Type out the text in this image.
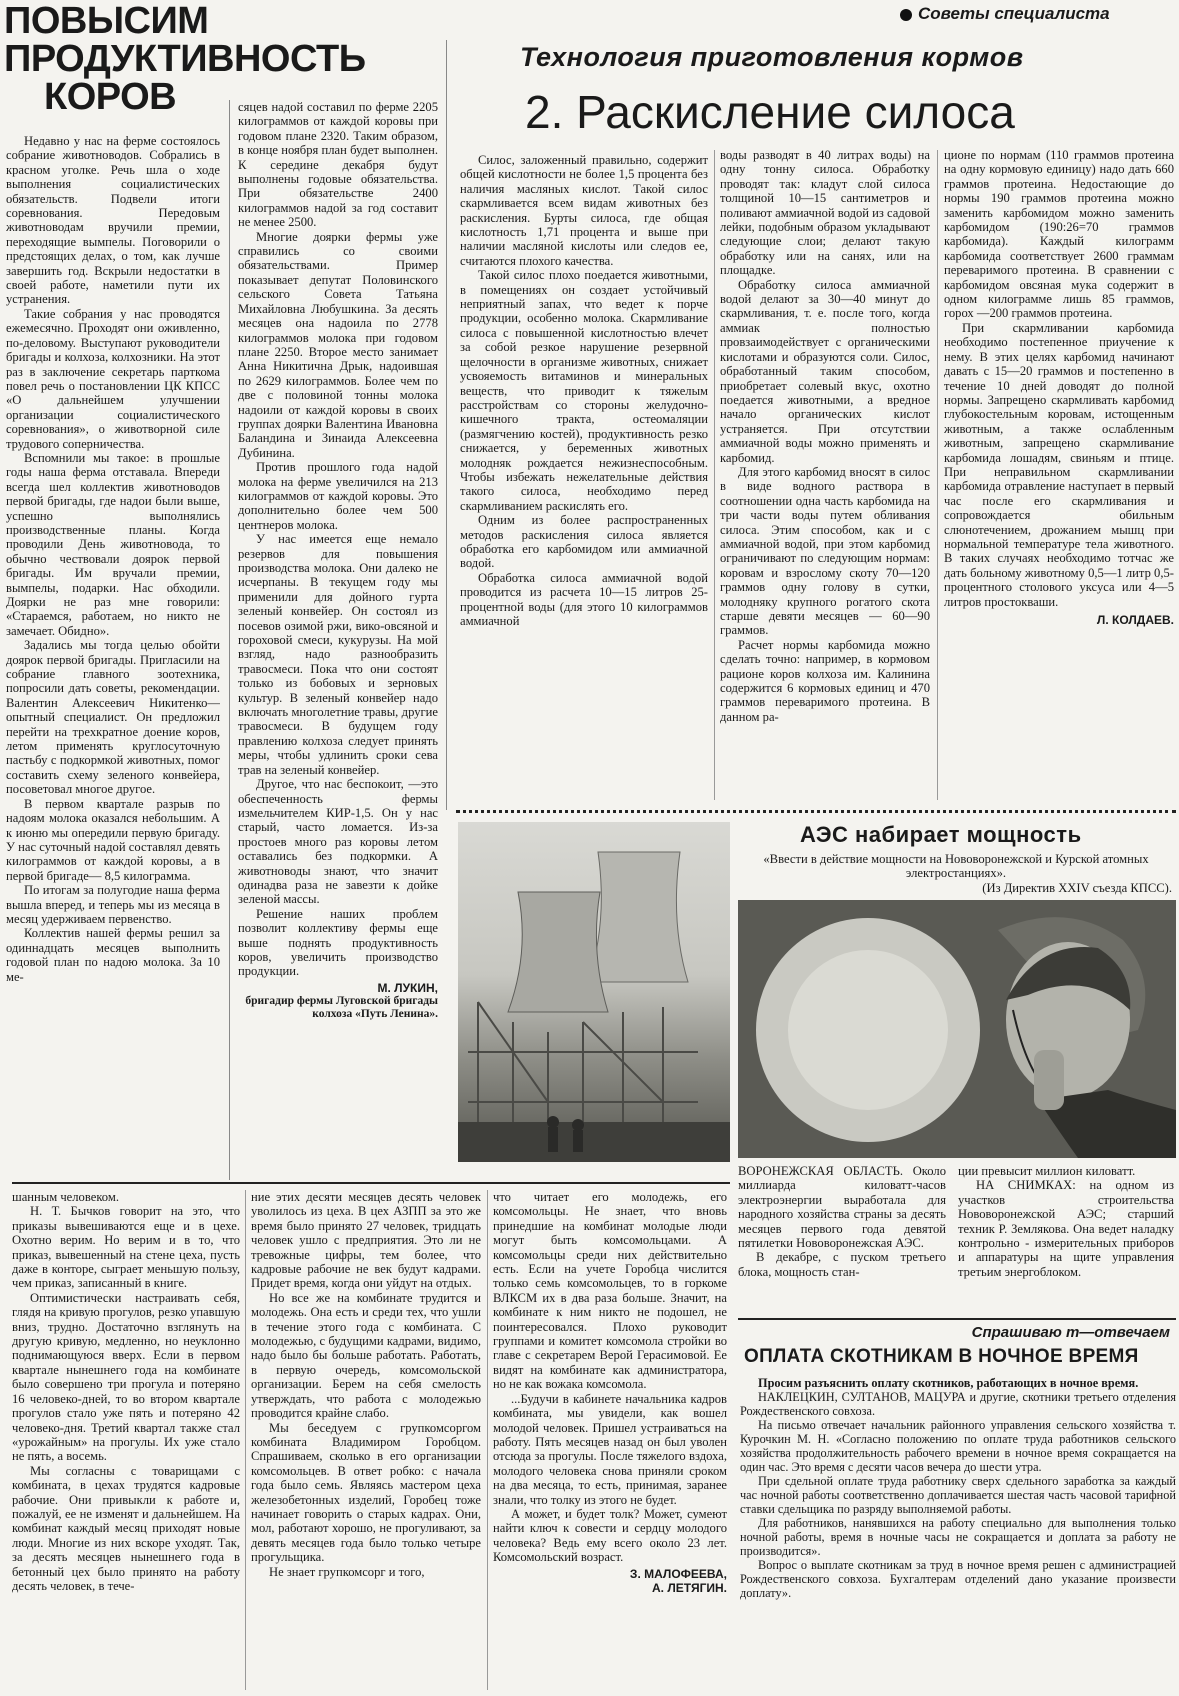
Советы специалиста
ПОВЫСИМ
ПРОДУКТИВНОСТЬ
КОРОВ

Недавно у нас на ферме состоялось собрание животноводов. Собрались в красном уголке. Речь шла о ходе выполнения социалистических обязательств. Подвели итоги соревнования. Передовым животноводам вручили премии, переходящие вымпелы. Поговорили о предстоящих делах, о том, как лучше завершить год. Вскрыли недостатки в своей работе, наметили пути их устранения.

Такие собрания у нас проводятся ежемесячно. Проходят они оживленно, по-деловому. Выступают руководители бригады и колхоза, колхозники. На этот раз в заключение секретарь парткома повел речь о постановлении ЦК КПСС «О дальнейшем улучшении организации социалистического соревнования», о животворной силе трудового соперничества.

Вспомнили мы такое: в прошлые годы наша ферма отставала. Впереди всегда шел коллектив животноводов первой бригады, где надои были выше, успешно выполнялись производственные планы. Когда проводили День животновода, то обычно чествовали доярок первой бригады. Им вручали премии, вымпелы, подарки. Нас обходили. Доярки не раз мне говорили: «Стараемся, работаем, но никто не замечает. Обидно».

Задались мы тогда целью обойти доярок первой бригады. Пригласили на собрание главного зоотехника, попросили дать советы, рекомендации. Валентин Алексеевич Никитенко—опытный специалист. Он предложил перейти на трехкратное доение коров, летом применять круглосуточную пастьбу с подкормкой животных, помог составить схему зеленого конвейера, посоветовал многое другое.

В первом квартале разрыв по надоям молока оказался небольшим. А к июню мы опередили первую бригаду. У нас суточный надой составлял девять килограммов от каждой коровы, а в первой бригаде— 8,5 килограмма.

По итогам за полугодие наша ферма вышла вперед, и теперь мы из месяца в месяц удерживаем первенство.

Коллектив нашей фермы решил за одиннадцать месяцев выполнить годовой план по надою молока. За 10 ме-

сяцев надой составил по ферме 2205 килограммов от каждой коровы при годовом плане 2320. Таким образом, в конце ноября план будет выполнен. К середине декабря будут выполнены годовые обязательства. При обязательстве 2400 килограммов надой за год составит не менее 2500.

Многие доярки фермы уже справились со своими обязательствами. Пример показывает депутат Половинского сельского Совета Татьяна Михайловна Любушкина. За десять месяцев она надоила по 2778 килограммов молока при годовом плане 2250. Второе место занимает Анна Никитична Дрык, надоившая по 2629 килограммов. Более чем по две с половиной тонны молока надоили от каждой коровы в своих группах доярки Валентина Ивановна Баландина и Зинаида Алексеевна Дубинина.

Против прошлого года надой молока на ферме увеличился на 213 килограммов от каждой коровы. Это дополнительно более чем 500 центнеров молока.

У нас имеется еще немало резервов для повышения производства молока. Они далеко не исчерпаны. В текущем году мы применили для дойного гурта зеленый конвейер. Он состоял из посевов озимой ржи, вико-овсяной и гороховой смеси, кукурузы. На мой взгляд, надо разнообразить травосмеси. Пока что они состоят только из бобовых и зерновых культур. В зеленый конвейер надо включать многолетние травы, другие травосмеси. В будущем году правлению колхоза следует принять меры, чтобы удлинить сроки сева трав на зеленый конвейер.

Другое, что нас беспокоит, —это обеспеченность фермы измельчителем КИР-1,5. Он у нас старый, часто ломается. Из-за простоев много раз коровы летом оставались без подкормки. А животноводы знают, что значит одинадва раза не завезти к дойке зеленой массы.

Решение наших проблем позволит коллективу фермы еще выше поднять продуктивность коров, увеличить производство продукции.

М. ЛУКИН,

бригадир фермы Луговской бригады колхоза «Путь Ленина».

Технология приготовления кормов
2. Раскисление силоса

Силос, заложенный правильно, содержит общей кислотности не более 1,5 процента без наличия масляных кислот. Такой силос скармливается всем видам животных без раскисления. Бурты силоса, где общая кислотность 1,71 процента и выше при наличии масляной кислоты или следов ее, считаются плохого качества.

Такой силос плохо поедается животными, в помещениях он создает устойчивый неприятный запах, что ведет к порче продукции, особенно молока. Скармливание силоса с повышенной кислотностью влечет за собой резкое нарушение резервной щелочности в организме животных, снижает усвояемость витаминов и минеральных веществ, что приводит к тяжелым расстройствам со стороны желудочно-кишечного тракта, остеомаляции (размягчению костей), продуктивность резко снижается, у беременных животных молодняк рождается нежизнеспособным. Чтобы избежать нежелательные действия такого силоса, необходимо перед скармливанием раскислять его.

Одним из более распространенных методов раскисления силоса является обработка его карбомидом или аммиачной водой.

Обработка силоса аммиачной водой проводится из расчета 10—15 литров 25-процентной воды (для этого 10 килограммов аммиачной

воды разводят в 40 литрах воды) на одну тонну силоса. Обработку проводят так: кладут слой силоса толщиной 10—15 сантиметров и поливают аммиачной водой из садовой лейки, подобным образом укладывают следующие слои; делают такую обработку или на санях, или на площадке.

Обработку силоса аммиачной водой делают за 30—40 минут до скармливания, т. е. после того, когда аммиак полностью провзаимодействует с органическими кислотами и образуются соли. Силос, обработанный таким способом, приобретает солевый вкус, охотно поедается животными, а вредное начало органических кислот устраняется. При отсутствии аммиачной воды можно применять и карбомид.

Для этого карбомид вносят в силос в виде водного раствора в соотношении одна часть карбомида на три части воды путем обливания силоса. Этим способом, как и с аммиачной водой, при этом карбомид ограничивают по следующим нормам: коровам и взрослому скоту 70—120 граммов одну голову в сутки, молодняку крупного рогатого скота старше девяти месяцев — 60—90 граммов.

Расчет нормы карбомида можно сделать точно: например, в кормовом рационе коров колхоза им. Калинина содержится 6 кормовых единиц и 470 граммов переваримого протеина. В данном ра-

ционе по нормам (110 граммов протеина на одну кормовую единицу) надо дать 660 граммов протеина. Недостающие до нормы 190 граммов протеина можно заменить карбомидом можно заменить карбомидом (190:26=70 граммов карбомида). Каждый килограмм карбомида соответствует 2600 граммам переваримого протеина. В сравнении с карбомидом овсяная мука содержит в одном килограмме лишь 85 граммов, горох —200 граммов протеина.

При скармливании карбомида необходимо постепенное приучение к нему. В этих целях карбомид начинают давать с 15—20 граммов и постепенно в течение 10 дней доводят до полной нормы. Запрещено скармливать карбомид глубокостельным коровам, истощенным животным, а также ослабленным животным, запрещено скармливание карбомида лошадям, свиньям и птице. При неправильном скармливании карбомида отравление наступает в первый час после его скармливания и сопровождается обильным слюнотечением, дрожанием мышц при нормальной температуре тела животного. В таких случаях необходимо тотчас же дать больному животному 0,5—1 литр 0,5-процентного столового уксуса или 4—5 литров простокваши.

Л. КОЛДАЕВ.

АЭС набирает мощность
«Ввести в действие мощности на Нововоронежской и Курской атомных электростанциях».
(Из Директив XXIV съезда КПСС).

ВОРОНЕЖСКАЯ ОБЛАСТЬ. Около миллиарда киловатт-часов электроэнергии выработала для народного хозяйства страны за десять месяцев первого года девятой пятилетки Нововоронежская АЭС.

В декабре, с пуском третьего блока, мощность стан-

ции превысит миллион киловатт.

НА СНИМКАХ: на одном из участков строительства Нововоронежской АЭС; старший техник Р. Землякова. Она ведет наладку контрольно - измерительных приборов и аппаратуры на щите управления третьим энергоблоком.

шанным человеком.

Н. Т. Бычков говорит на это, что приказы вывешиваются еще и в цехе. Охотно верим. Но верим и в то, что приказ, вывешенный на стене цеха, пусть даже в конторе, сыграет меньшую пользу, чем приказ, записанный в книге.

Оптимистически настраивать себя, глядя на кривую прогулов, резко упавшую вниз, трудно. Достаточно взглянуть на другую кривую, медленно, но неуклонно поднимающуюся вверх. Если в первом квартале нынешнего года на комбинате было совершено три прогула и потеряно 16 человеко-дней, то во втором квартале прогулов стало уже пять и потеряно 42 человеко-дня. Третий квартал также стал «урожайным» на прогулы. Их уже стало не пять, а восемь.

Мы согласны с товарищами с комбината, в цехах трудятся кадровые рабочие. Они привыкли к работе и, пожалуй, ее не изменят и дальнейшем. На комбинат каждый месяц приходят новые люди. Многие из них вскоре уходят. Так, за десять месяцев нынешнего года в бетонный цех было принято на работу десять человек, в тече-

ние этих десяти месяцев десять человек уволилось из цеха. В цех АЗПП за это же время было принято 27 человек, тридцать человек ушло с предприятия. Это ли не тревожные цифры, тем более, что кадровые рабочие не век будут кадрами. Придет время, когда они уйдут на отдых.

Но все же на комбинате трудится и молодежь. Она есть и среди тех, что ушли в течение этого года с комбината. С молодежью, с будущими кадрами, видимо, надо было бы больше работать. Работать, в первую очередь, комсомольской организации. Берем на себя смелость утверждать, что работа с молодежью проводится крайне слабо.

Мы беседуем с групкомсоргом комбината Владимиром Горобцом. Спрашиваем, сколько в его организации комсомольцев. В ответ робко: с начала года было семь. Являясь мастером цеха железобетонных изделий, Горобец тоже начинает говорить о старых кадрах. Они, мол, работают хорошо, не прогуливают, за девять месяцев года было только четыре прогульщика.

Не знает групкомсорг и того,

что читает его молодежь, его комсомольцы. Не знает, что вновь принедшие на комбинат молодые люди могут быть комсомольцами. А комсомольцы среди них действительно есть. Если на учете Горобца числится только семь комсомольцев, то в горкоме ВЛКСМ их в два раза больше. Значит, на комбинате к ним никто не подошел, не поинтересовался. Плохо руководит группами и комитет комсомола стройки во главе с секретарем Верой Герасимовой. Ее видят на комбинате как администратора, но не как вожака комсомола.

...Будучи в кабинете начальника кадров комбината, мы увидели, как вошел молодой человек. Пришел устраиваться на работу. Пять месяцев назад он был уволен отсюда за прогулы. После тяжелого вздоха, молодого человека снова приняли сроком на два месяца, то есть, принимая, заранее знали, что толку из этого не будет.

А может, и будет толк? Может, сумеют найти ключ к совести и сердцу молодого человека? Ведь ему всего около 23 лет. Комсомольский возраст.

З. МАЛОФЕЕВА,

А. ЛЕТЯГИН.

Спрашиваю т—отвечаем
ОПЛАТА СКОТНИКАМ В НОЧНОЕ ВРЕМЯ

Просим разъяснить оплату скотников, работающих в ночное время.

НАКЛЕЦКИН, СУЛТАНОВ, МАЦУРА и другие, скотники третьего отделения Рождественского совхоза.

На письмо отвечает начальник районного управления сельского хозяйства т. Курочкин М. Н. «Согласно положению по оплате труда работников сельского хозяйства продолжительность рабочего времени в ночное время сокращается на один час. Это время с десяти часов вечера до шести утра.

При сдельной оплате труда работнику сверх сдельного заработка за каждый час ночной работы соответственно доплачивается шестая часть часовой тарифной ставки сдельщика по разряду выполняемой работы.

Для работников, нанявшихся на работу специально для выполнения только ночной работы, время в ночные часы не сокращается и доплата за работу не производится».

Вопрос о выплате скотникам за труд в ночное время решен с администрацией Рождественского совхоза. Бухгалтерам отделений дано указание произвести доплату».
